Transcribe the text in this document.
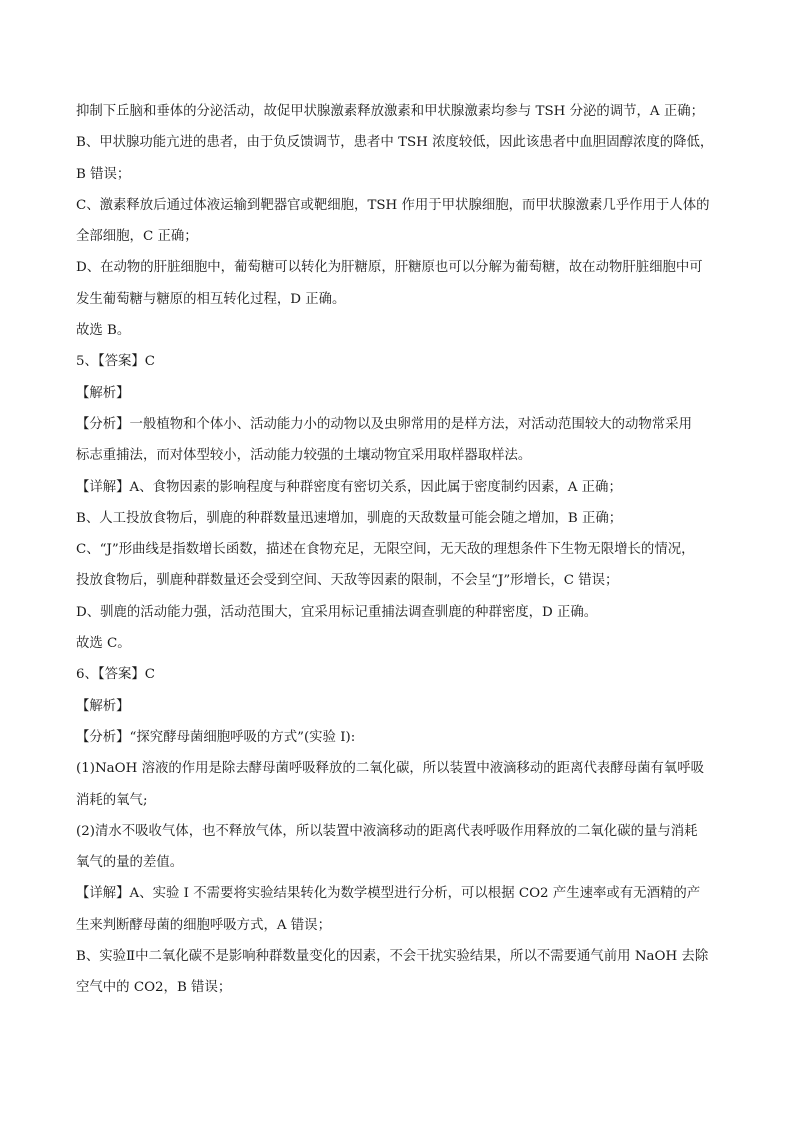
抑制下丘脑和垂体的分泌活动，故促甲状腺激素释放激素和甲状腺激素均参与 TSH 分泌的调节，A 正确；
B、甲状腺功能亢进的患者，由于负反馈调节，患者中 TSH 浓度较低，因此该患者中血胆固醇浓度的降低，
B 错误；
C、激素释放后通过体液运输到靶器官或靶细胞，TSH 作用于甲状腺细胞，而甲状腺激素几乎作用于人体的
全部细胞，C 正确；
D、在动物的肝脏细胞中，葡萄糖可以转化为肝糖原，肝糖原也可以分解为葡萄糖，故在动物肝脏细胞中可
发生葡萄糖与糖原的相互转化过程，D 正确。
故选 B。
5、【答案】C
【解析】
【分析】一般植物和个体小、活动能力小的动物以及虫卵常用的是样方法，对活动范围较大的动物常采用
标志重捕法，而对体型较小，活动能力较强的土壤动物宜采用取样器取样法。
【详解】A、食物因素的影响程度与种群密度有密切关系，因此属于密度制约因素，A 正确；
B、人工投放食物后，驯鹿的种群数量迅速增加，驯鹿的天敌数量可能会随之增加，B 正确；
C、“J”形曲线是指数增长函数，描述在食物充足，无限空间，无天敌的理想条件下生物无限增长的情况，
投放食物后，驯鹿种群数量还会受到空间、天敌等因素的限制，不会呈“J”形增长，C 错误；
D、驯鹿的活动能力强，活动范围大，宜采用标记重捕法调查驯鹿的种群密度，D 正确。
故选 C。
6、【答案】C
【解析】
【分析】“探究酵母菌细胞呼吸的方式”(实验 I):
(1)NaOH 溶液的作用是除去酵母菌呼吸释放的二氧化碳，所以装置中液滴移动的距离代表酵母菌有氧呼吸
消耗的氧气;
(2)清水不吸收气体，也不释放气体，所以装置中液滴移动的距离代表呼吸作用释放的二氧化碳的量与消耗
氧气的量的差值。
【详解】A、实验 I 不需要将实验结果转化为数学模型进行分析，可以根据 CO2 产生速率或有无酒精的产
生来判断酵母菌的细胞呼吸方式，A 错误；
B、实验Ⅱ中二氧化碳不是影响种群数量变化的因素，不会干扰实验结果，所以不需要通气前用 NaOH 去除
空气中的 CO2，B 错误；
